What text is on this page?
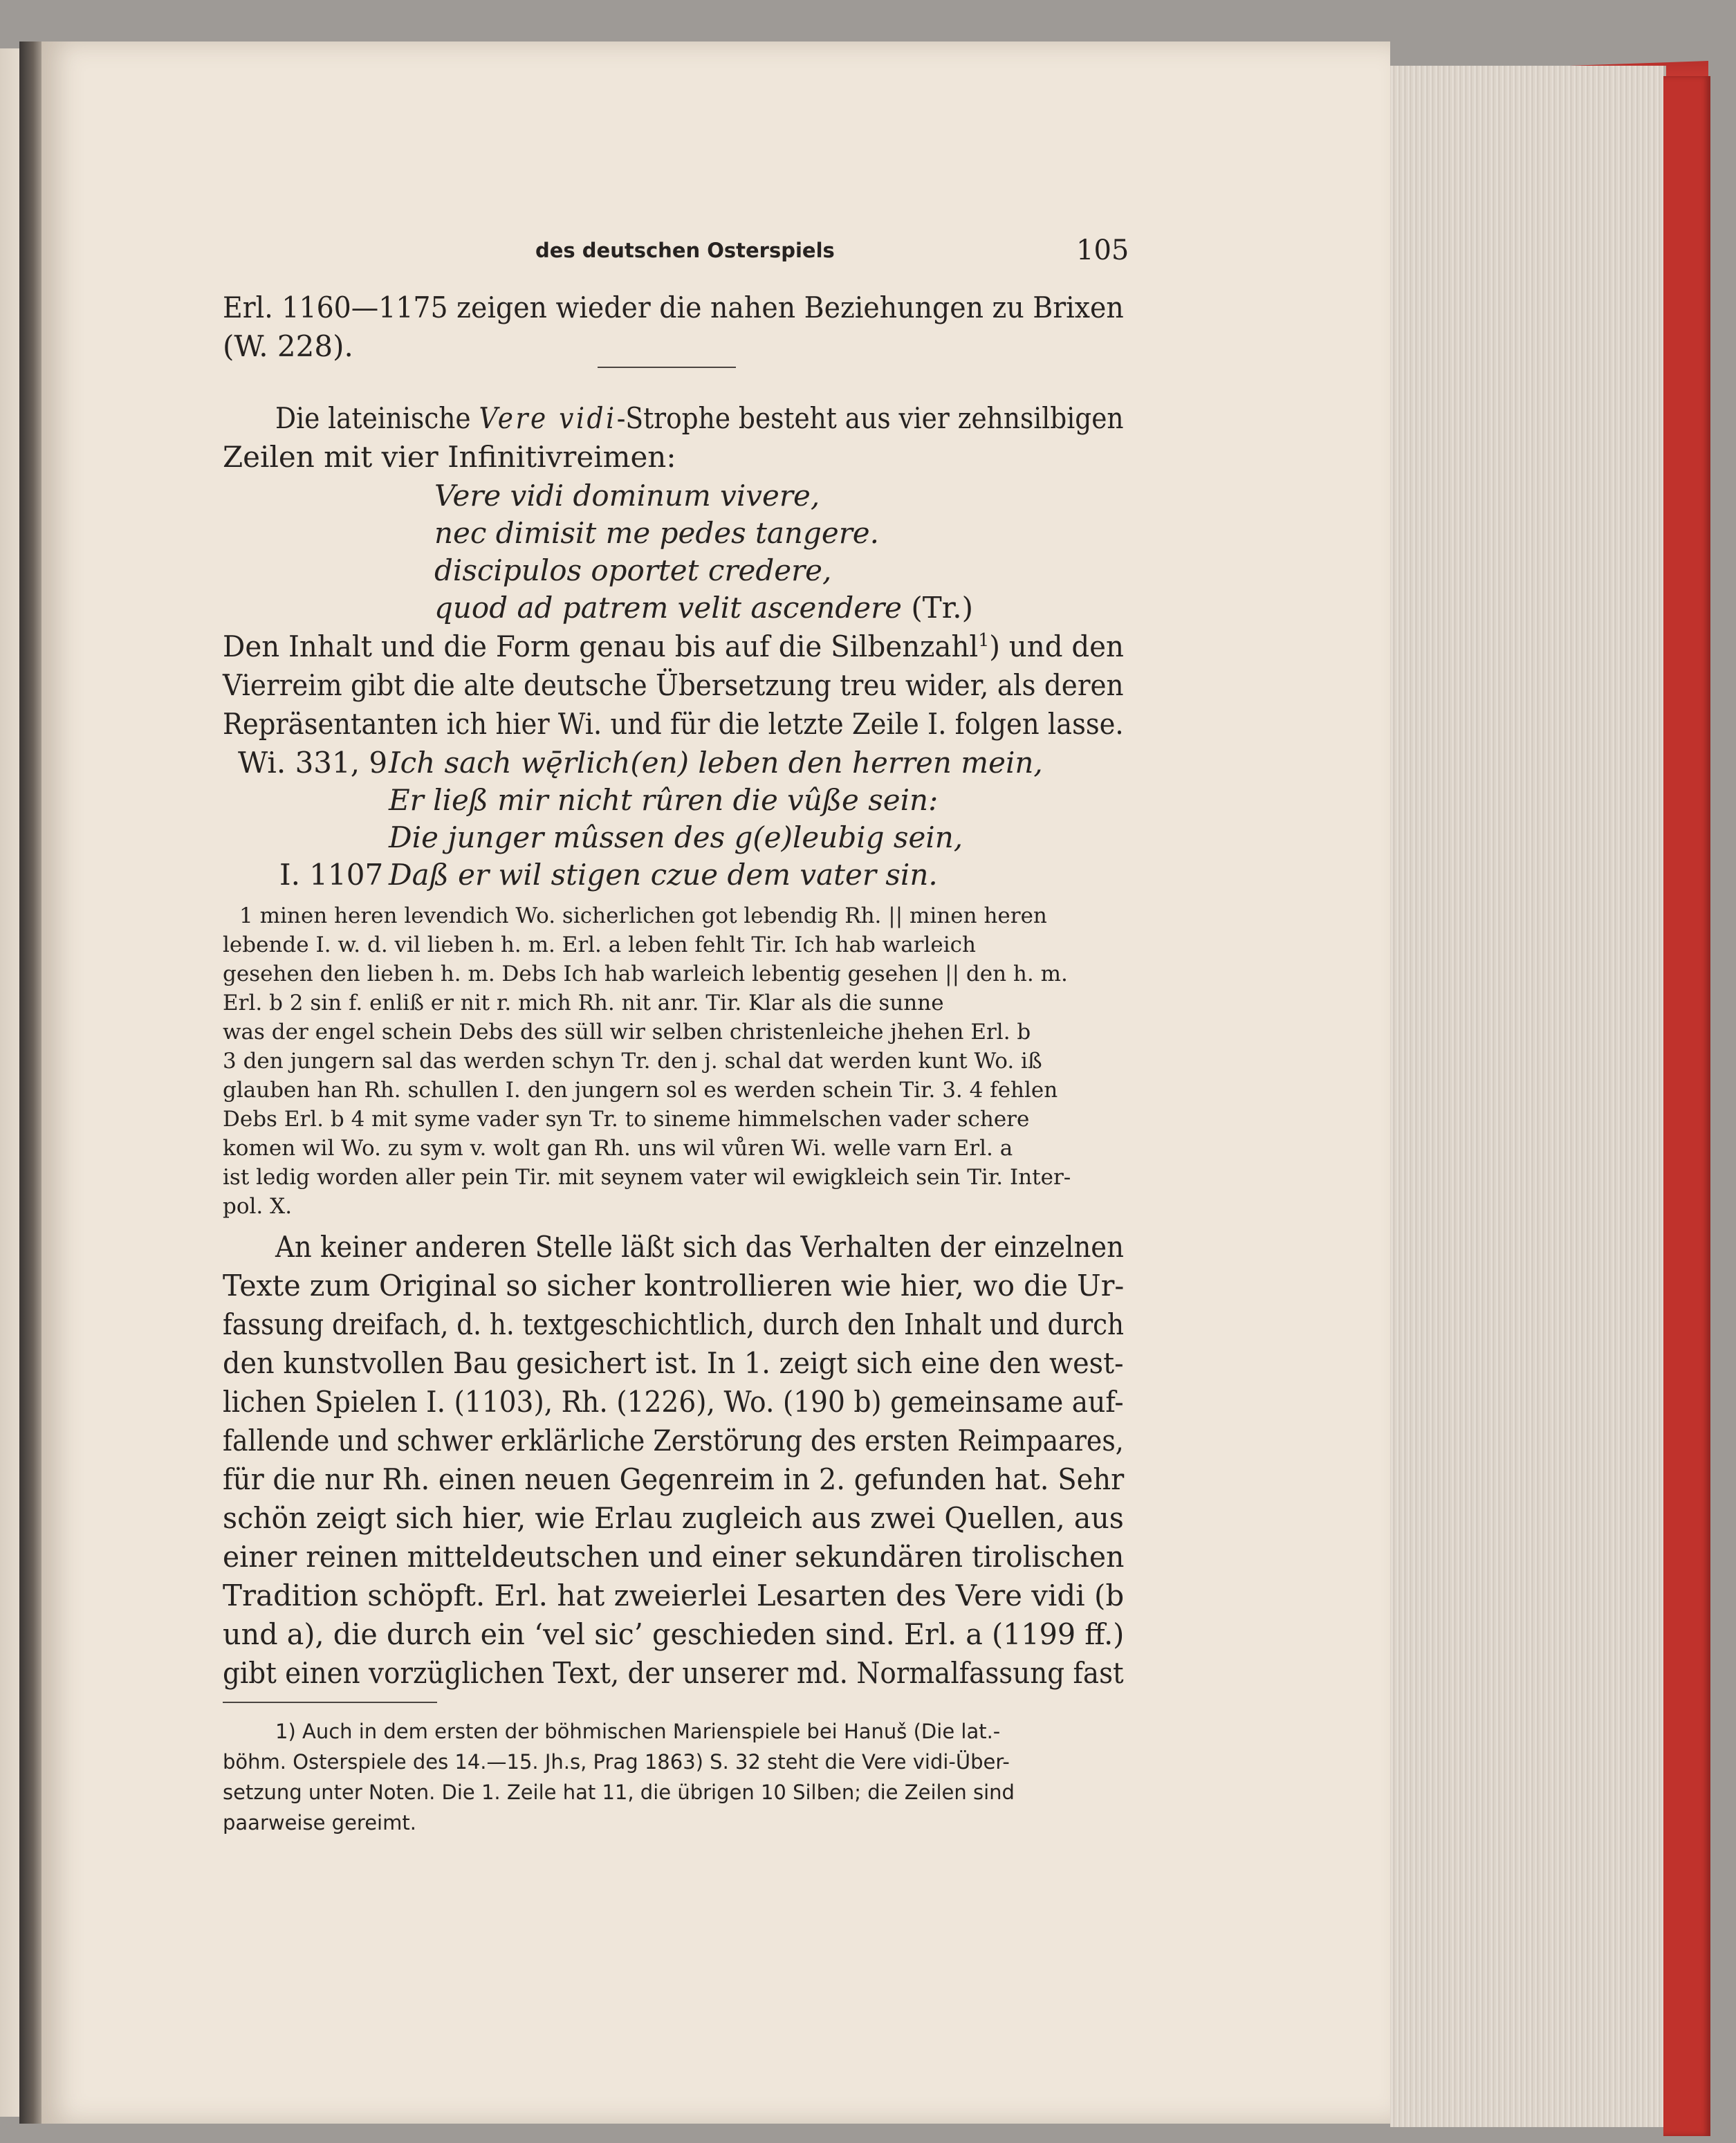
des deutschen Osterspiels	105
Erl. 1160—1175 zeigen wieder die nahen Beziehungen zu Brixen
(W. 228).
Die lateinische Vere vidi-Strophe besteht aus vier zehnsilbigen
Zeilen mit vier Infinitivreimen:
Vere vidi dominum vivere,
nec dimisit me pedes tangere.
discipulos oportet credere,
quod ad patrem velit ascendere (Tr.)
Den Inhalt und die Form genau bis auf die Silbenzahl$^1$) und den
Vierreim gibt die alte deutsche Übersetzung treu wider, als deren
Repräsentanten ich hier Wi. und für die letzte Zeile I. folgen lasse.
Wi. 331, 9 Ich sach wę̄rlich(en) leben den herren mein,
Er ließ mir nicht rûren die vûße sein:
Die junger mûssen des g(e)leubig sein,
I. 1107 Daß er wil stigen czue dem vater sin.
1 minen heren levendich Wo. sicherlichen got lebendig Rh. || minen heren
lebende I. w. d. vil lieben h. m. Erl. a leben fehlt Tir. Ich hab warleich
gesehen den lieben h. m. Debs Ich hab warleich lebentig gesehen || den h. m.
Erl. b 2 sin f. enliß er nit r. mich Rh. nit anr. Tir. Klar als die sunne
was der engel schein Debs des süll wir selben christenleiche jhehen Erl. b
3 den jungern sal das werden schyn Tr. den j. schal dat werden kunt Wo. iß
glauben han Rh. schullen I. den jungern sol es werden schein Tir. 3. 4 fehlen
Debs Erl. b 4 mit syme vader syn Tr. to sineme himmelschen vader schere
komen wil Wo. zu sym v. wolt gan Rh. uns wil vůren Wi. welle varn Erl. a
ist ledig worden aller pein Tir. mit seynem vater wil ewigkleich sein Tir. Inter-
pol. X.
An keiner anderen Stelle läßt sich das Verhalten der einzelnen
Texte zum Original so sicher kontrollieren wie hier, wo die Ur-
fassung dreifach, d. h. textgeschichtlich, durch den Inhalt und durch
den kunstvollen Bau gesichert ist. In 1. zeigt sich eine den west-
lichen Spielen I. (1103), Rh. (1226), Wo. (190 b) gemeinsame auf-
fallende und schwer erklärliche Zerstörung des ersten Reimpaares,
für die nur Rh. einen neuen Gegenreim in 2. gefunden hat. Sehr
schön zeigt sich hier, wie Erlau zugleich aus zwei Quellen, aus
einer reinen mitteldeutschen und einer sekundären tirolischen
Tradition schöpft. Erl. hat zweierlei Lesarten des Vere vidi (b
und a), die durch ein ‘vel sic’ geschieden sind. Erl. a (1199 ff.)
gibt einen vorzüglichen Text, der unserer md. Normalfassung fast
1) Auch in dem ersten der böhmischen Marienspiele bei Hanuš (Die lat.-
böhm. Osterspiele des 14.—15. Jh.s, Prag 1863) S. 32 steht die Vere vidi-Über-
setzung unter Noten. Die 1. Zeile hat 11, die übrigen 10 Silben; die Zeilen sind
paarweise gereimt.
